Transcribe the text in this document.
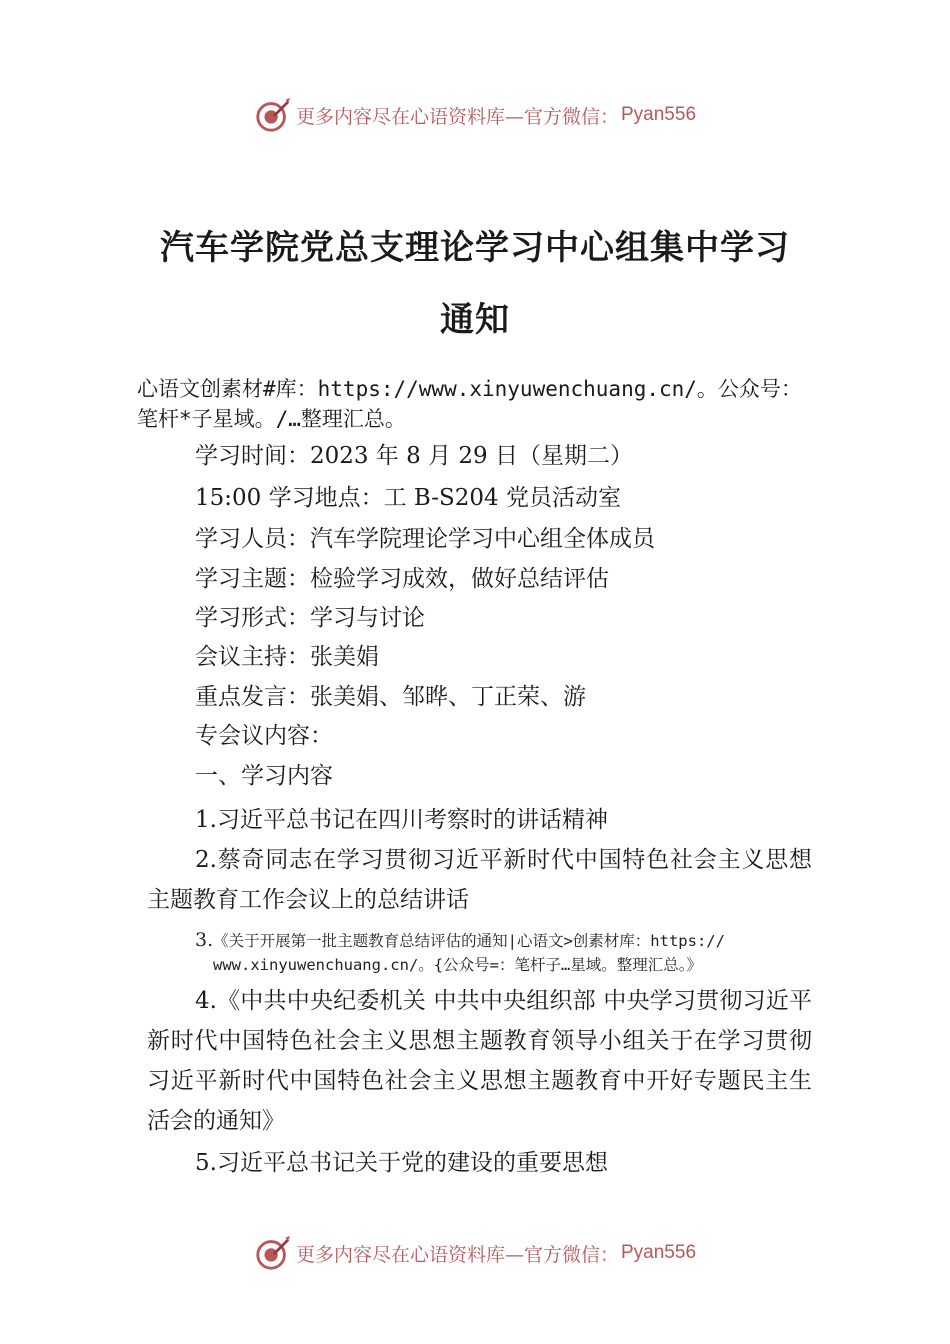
更多内容尽在心语资料库—官方微信： Pyan556
汽车学院党总支理论学习中心组集中学习
通知
心语文创素材#库：https://www.xinyuwenchuang.cn/。公众号：笔杆*子星域。/…整理汇总。
学习时间：2023 年 8 月 29 日（星期二）
15:00 学习地点：工 B-S204 党员活动室
学习人员：汽车学院理论学习中心组全体成员
学习主题：检验学习成效，做好总结评估
学习形式：学习与讨论
会议主持：张美娟
重点发言：张美娟、邹晔、丁正荣、游
专会议内容：
一、学习内容
1.习近平总书记在四川考察时的讲话精神
2.蔡奇同志在学习贯彻习近平新时代中国特色社会主义思想主题教育工作会议上的总结讲话
3.《关于开展第一批主题教育总结评估的通知|心语文>创素材库：https://
www.xinyuwenchuang.cn/。{公众号=：笔杆子…星域。整理汇总。》
4.《中共中央纪委机关 中共中央组织部 中央学习贯彻习近平新时代中国特色社会主义思想主题教育领导小组关于在学习贯彻习近平新时代中国特色社会主义思想主题教育中开好专题民主生活会的通知》
5.习近平总书记关于党的建设的重要思想
更多内容尽在心语资料库—官方微信： Pyan556
